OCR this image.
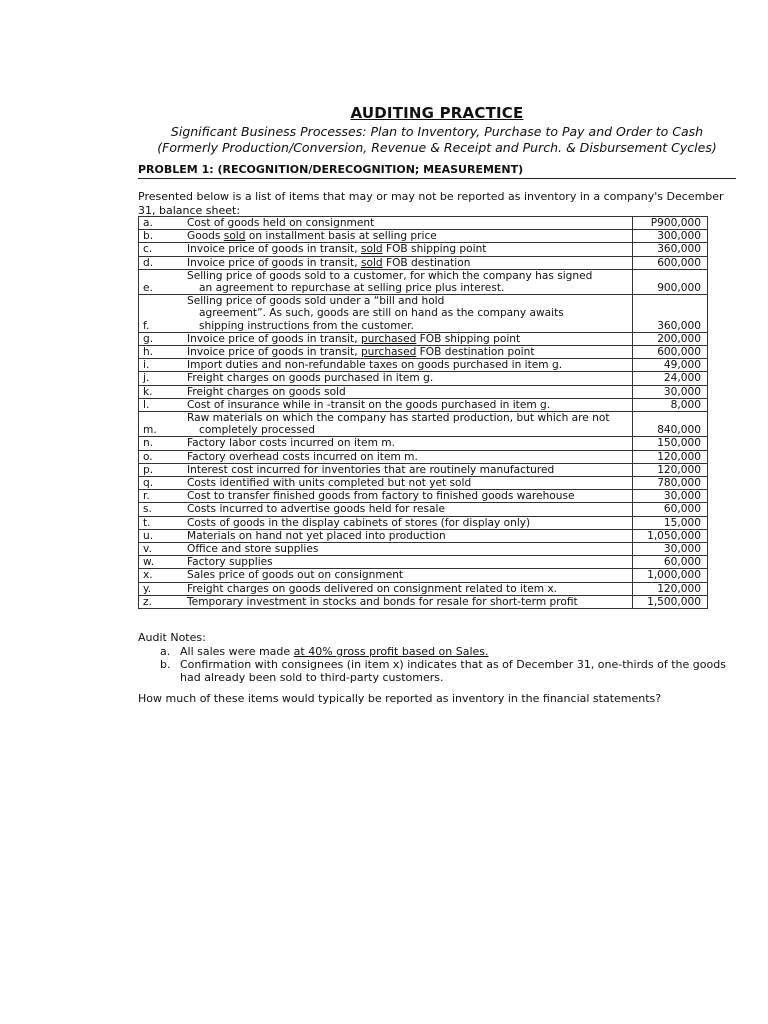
AUDITING PRACTICE
Significant Business Processes: Plan to Inventory, Purchase to Pay and Order to Cash
(Formerly Production/Conversion, Revenue & Receipt and Purch. & Disbursement Cycles)
PROBLEM 1: (RECOGNITION/DERECOGNITION; MEASUREMENT)
Presented below is a list of items that may or may not be reported as inventory in a company's December 31, balance sheet:
a.	Cost of goods held on consignment	P900,000
b.	Goods sold on installment basis at selling price	300,000
c.	Invoice price of goods in transit, sold FOB shipping point	360,000
d.	Invoice price of goods in transit, sold FOB destination	600,000
e.	Selling price of goods sold to a customer, for which the company has signed
an agreement to repurchase at selling price plus interest.	900,000
f.	Selling price of goods sold under a “bill and hold
agreement”. As such, goods are still on hand as the company awaits
shipping instructions from the customer.	360,000
g.	Invoice price of goods in transit, purchased FOB shipping point	200,000
h.	Invoice price of goods in transit, purchased FOB destination point	600,000
i.	Import duties and non-refundable taxes on goods purchased in item g.	49,000
j.	Freight charges on goods purchased in item g.	24,000
k.	Freight charges on goods sold	30,000
l.	Cost of insurance while in -transit on the goods purchased in item g.	8,000
m.	Raw materials on which the company has started production, but which are not
completely processed	840,000
n.	Factory labor costs incurred on item m.	150,000
o.	Factory overhead costs incurred on item m.	120,000
p.	Interest cost incurred for inventories that are routinely manufactured	120,000
q.	Costs identified with units completed but not yet sold	780,000
r.	Cost to transfer finished goods from factory to finished goods warehouse	30,000
s.	Costs incurred to advertise goods held for resale	60,000
t.	Costs of goods in the display cabinets of stores (for display only)	15,000
u.	Materials on hand not yet placed into production	1,050,000
v.	Office and store supplies	30,000
w.	Factory supplies	60,000
x.	Sales price of goods out on consignment	1,000,000
y.	Freight charges on goods delivered on consignment related to item x.	120,000
z.	Temporary investment in stocks and bonds for resale for short-term profit	1,500,000
Audit Notes:
a. All sales were made at 40% gross profit based on Sales.
b. Confirmation with consignees (in item x) indicates that as of December 31, one-thirds of the goods had already been sold to third-party customers.
How much of these items would typically be reported as inventory in the financial statements?
